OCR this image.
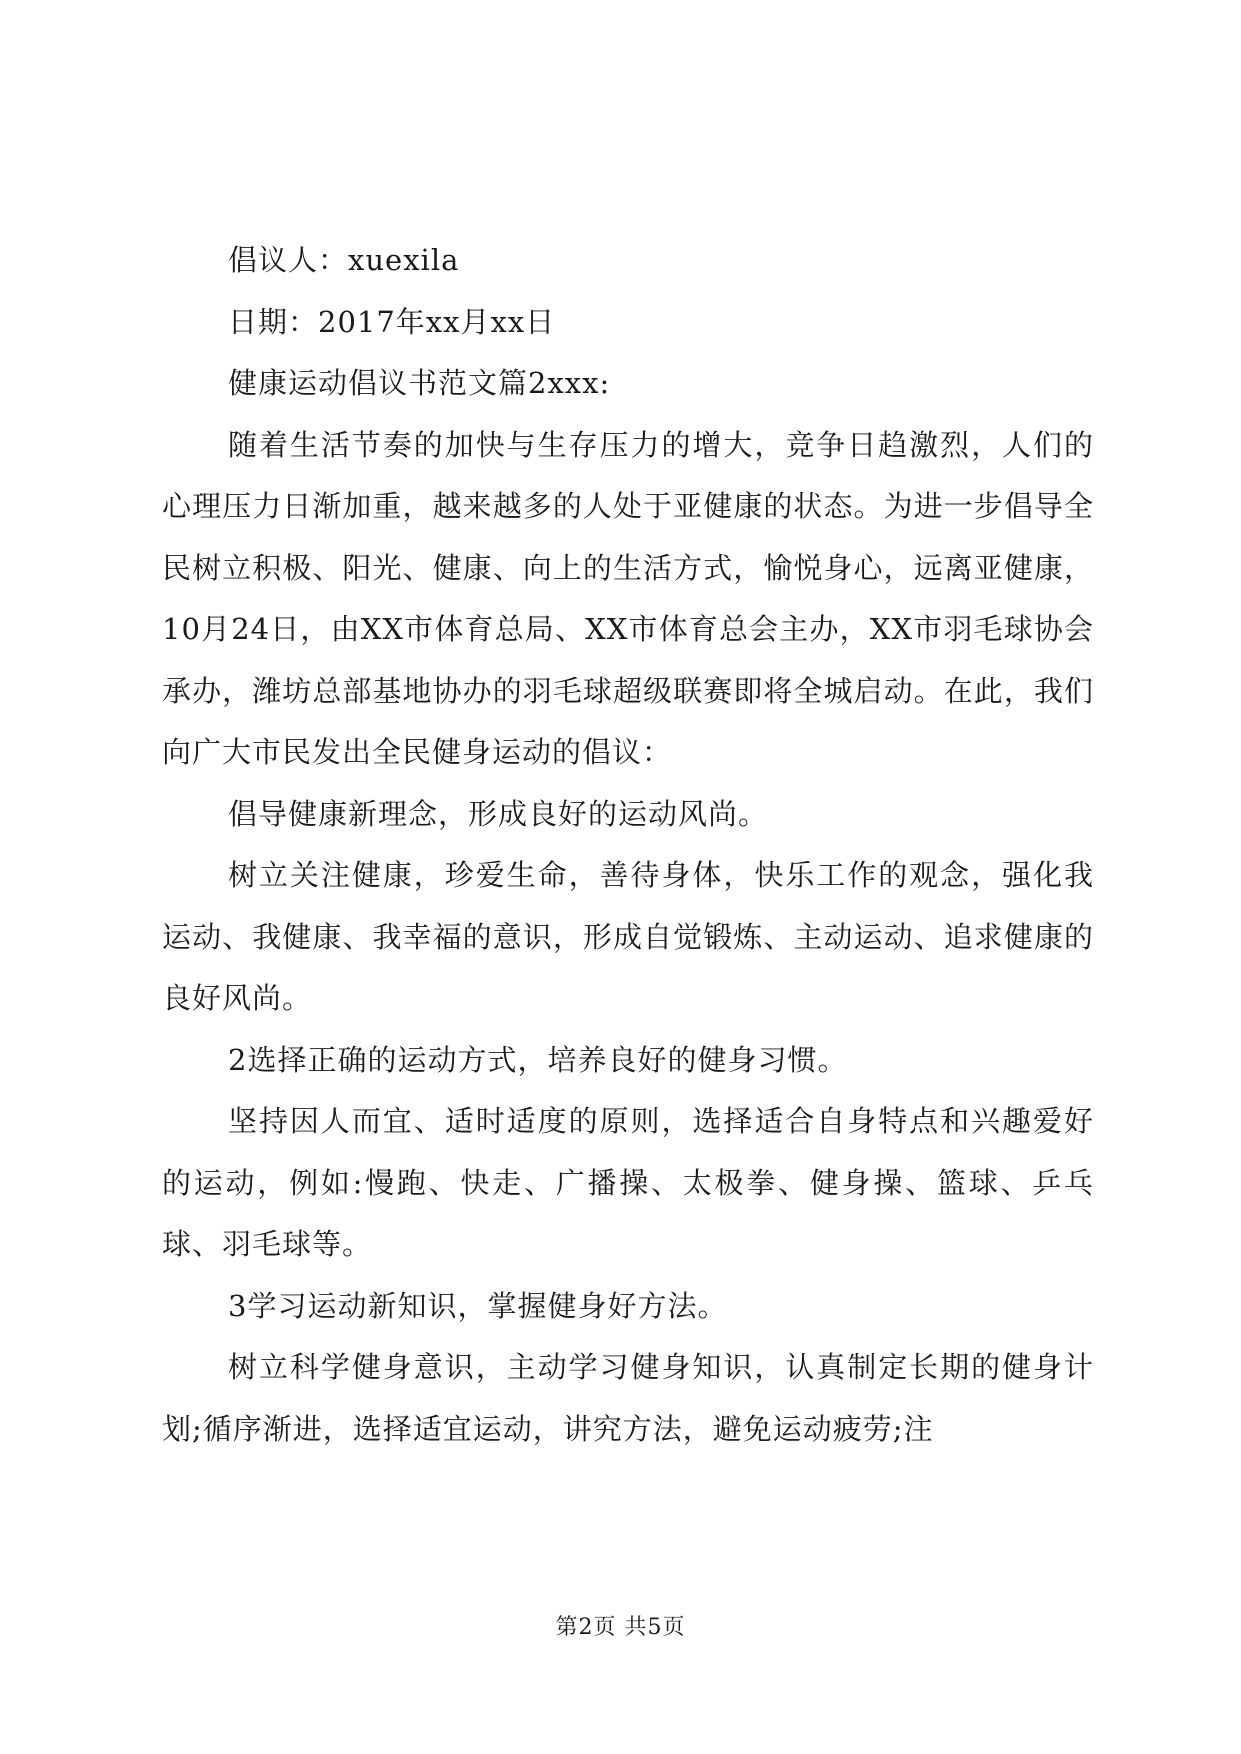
倡议人：xuexila

日期：2017年xx月xx日

健康运动倡议书范文篇2xxx:

随着生活节奏的加快与生存压力的增大，竞争日趋激烈，人们的心理压力日渐加重，越来越多的人处于亚健康的状态。为进一步倡导全民树立积极、阳光、健康、向上的生活方式，愉悦身心，远离亚健康，10月24日，由XX市体育总局、XX市体育总会主办，XX市羽毛球协会承办，潍坊总部基地协办的羽毛球超级联赛即将全城启动。在此，我们向广大市民发出全民健身运动的倡议：

倡导健康新理念，形成良好的运动风尚。

树立关注健康，珍爱生命，善待身体，快乐工作的观念，强化我运动、我健康、我幸福的意识，形成自觉锻炼、主动运动、追求健康的良好风尚。

2选择正确的运动方式，培养良好的健身习惯。

坚持因人而宜、适时适度的原则，选择适合自身特点和兴趣爱好的运动，例如:慢跑、快走、广播操、太极拳、健身操、篮球、乒乓球、羽毛球等。

3学习运动新知识，掌握健身好方法。

树立科学健身意识，主动学习健身知识，认真制定长期的健身计划;循序渐进，选择适宜运动，讲究方法，避免运动疲劳;注

第2页 共5页
